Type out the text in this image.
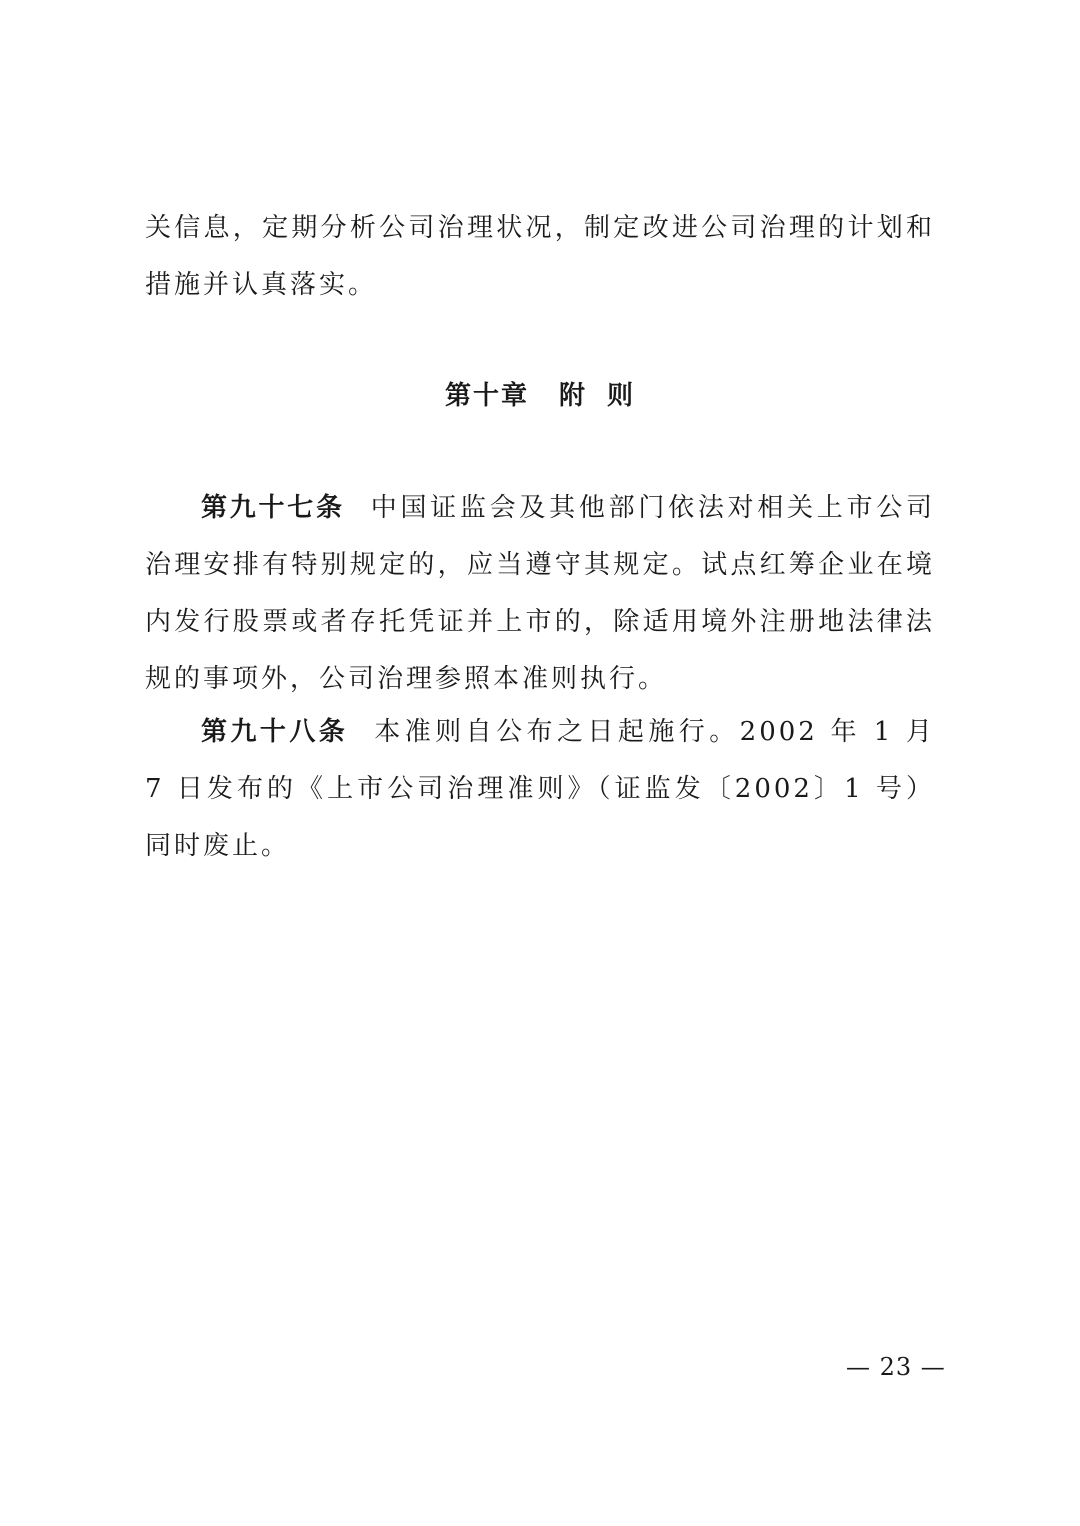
关信息，定期分析公司治理状况，制定改进公司治理的计划和措施并认真落实。

第十章 附 则

第九十七条 中国证监会及其他部门依法对相关上市公司治理安排有特别规定的，应当遵守其规定。试点红筹企业在境内发行股票或者存托凭证并上市的，除适用境外注册地法律法规的事项外，公司治理参照本准则执行。

第九十八条 本准则自公布之日起施行。2002 年 1 月 7 日发布的《上市公司治理准则》（证监发〔2002〕1 号）同时废止。

— 23 —
